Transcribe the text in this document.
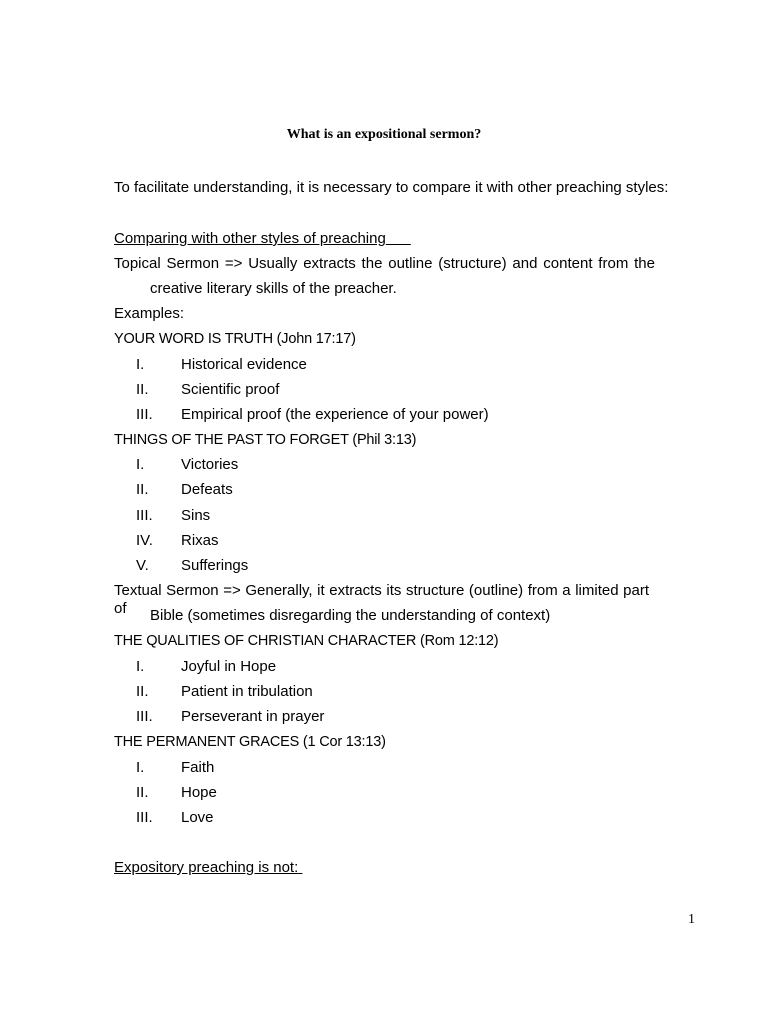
What is an expositional sermon?
To facilitate understanding, it is necessary to compare it with other preaching styles:
Comparing with other styles of preaching
Topical Sermon => Usually extracts the outline (structure) and content from the
creative literary skills of the preacher.
Examples:
YOUR WORD IS TRUTH (John 17:17)
I. Historical evidence
II. Scientific proof
III. Empirical proof (the experience of your power)
THINGS OF THE PAST TO FORGET (Phil 3:13)
I. Victories
II. Defeats
III. Sins
IV. Rixas
V. Sufferings
Textual Sermon => Generally, it extracts its structure (outline) from a limited part of	Bible (sometimes disregarding the understanding of context)
THE QUALITIES OF CHRISTIAN CHARACTER (Rom 12:12)
I. Joyful in Hope
II. Patient in tribulation
III. Perseverant in prayer
THE PERMANENT GRACES (1 Cor 13:13)
I. Faith
II. Hope
III. Love
Expository preaching is not:
1
